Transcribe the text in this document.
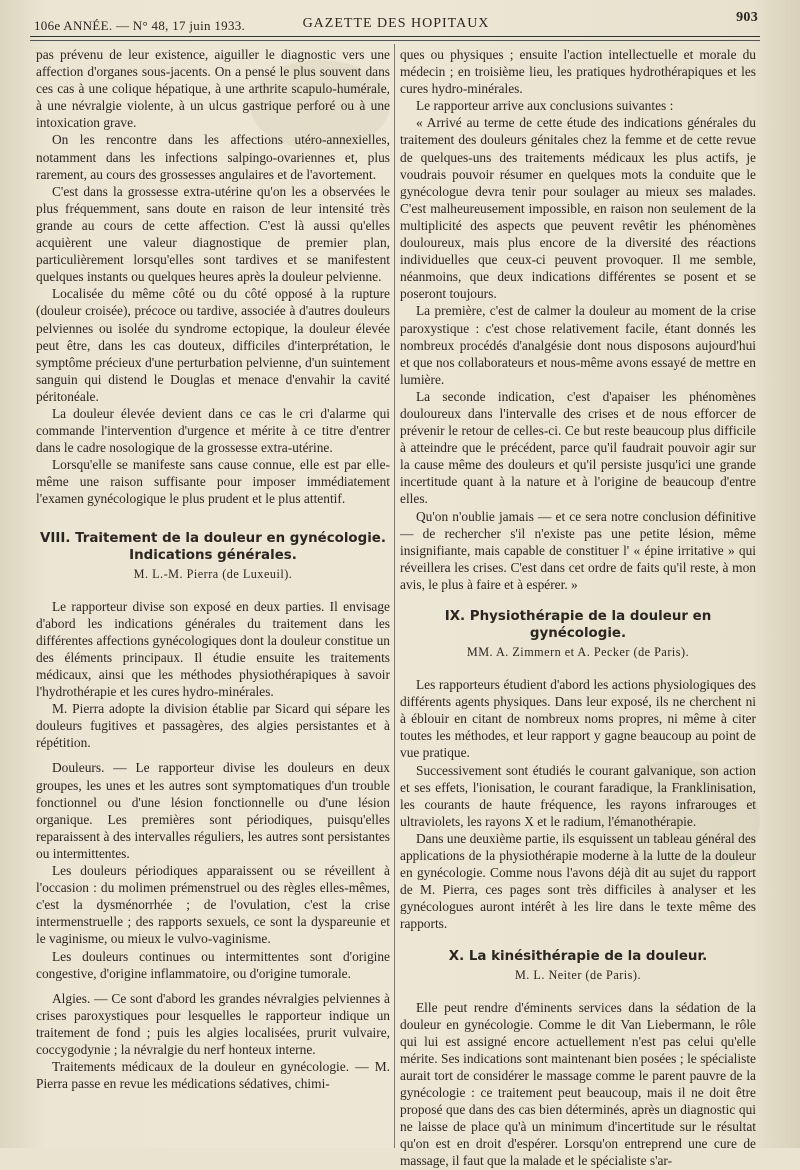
106e ANNÉE. — N° 48, 17 juin 1933.	GAZETTE DES HOPITAUX	903

pas prévenu de leur existence, aiguiller le diagnostic vers une affection d'organes sous-jacents. On a pensé le plus souvent dans ces cas à une colique hépatique, à une arthrite scapulo-humérale, à une névralgie violente, à un ulcus gastrique perforé ou à une intoxication grave.

On les rencontre dans les affections utéro-annexielles, notamment dans les infections salpingo-ovariennes et, plus rarement, au cours des grossesses angulaires et de l'avortement.

C'est dans la grossesse extra-utérine qu'on les a observées le plus fréquemment, sans doute en raison de leur intensité très grande au cours de cette affection. C'est là aussi qu'elles acquièrent une valeur diagnostique de premier plan, particulièrement lorsqu'elles sont tardives et se manifestent quelques instants ou quelques heures après la douleur pelvienne.

Localisée du même côté ou du côté opposé à la rupture (douleur croisée), précoce ou tardive, associée à d'autres douleurs pelviennes ou isolée du syndrome ectopique, la douleur élevée peut être, dans les cas douteux, difficiles d'interprétation, le symptôme précieux d'une perturbation pelvienne, d'un suintement sanguin qui distend le Douglas et menace d'envahir la cavité péritonéale.

La douleur élevée devient dans ce cas le cri d'alarme qui commande l'intervention d'urgence et mérite à ce titre d'entrer dans le cadre nosologique de la grossesse extra-utérine.

Lorsqu'elle se manifeste sans cause connue, elle est par elle-même une raison suffisante pour imposer immédiatement l'examen gynécologique le plus prudent et le plus attentif.

VIII. Traitement de la douleur en gynécologie.
Indications générales.
M. L.-M. Pierra (de Luxeuil).

Le rapporteur divise son exposé en deux parties. Il envisage d'abord les indications générales du traitement dans les différentes affections gynécologiques dont la douleur constitue un des éléments principaux. Il étudie ensuite les traitements médicaux, ainsi que les méthodes physiothérapiques à savoir l'hydrothérapie et les cures hydro-minérales.

M. Pierra adopte la division établie par Sicard qui sépare les douleurs fugitives et passagères, des algies persistantes et à répétition.

Douleurs. — Le rapporteur divise les douleurs en deux groupes, les unes et les autres sont symptomatiques d'un trouble fonctionnel ou d'une lésion fonctionnelle ou d'une lésion organique. Les premières sont périodiques, puisqu'elles reparaissent à des intervalles réguliers, les autres sont persistantes ou intermittentes.

Les douleurs périodiques apparaissent ou se réveillent à l'occasion : du molimen prémenstruel ou des règles elles-mêmes, c'est la dysménorrhée ; de l'ovulation, c'est la crise intermenstruelle ; des rapports sexuels, ce sont la dyspareunie et le vaginisme, ou mieux le vulvo-vaginisme.

Les douleurs continues ou intermittentes sont d'origine congestive, d'origine inflammatoire, ou d'origine tumorale.

Algies. — Ce sont d'abord les grandes névralgies pelviennes à crises paroxystiques pour lesquelles le rapporteur indique un traitement de fond ; puis les algies localisées, prurit vulvaire, coccygodynie ; la névralgie du nerf honteux interne.

Traitements médicaux de la douleur en gynécologie. — M. Pierra passe en revue les médications sédatives, chimi-

ques ou physiques ; ensuite l'action intellectuelle et morale du médecin ; en troisième lieu, les pratiques hydrothérapiques et les cures hydro-minérales.

Le rapporteur arrive aux conclusions suivantes :

« Arrivé au terme de cette étude des indications générales du traitement des douleurs génitales chez la femme et de cette revue de quelques-uns des traitements médicaux les plus actifs, je voudrais pouvoir résumer en quelques mots la conduite que le gynécologue devra tenir pour soulager au mieux ses malades. C'est malheureusement impossible, en raison non seulement de la multiplicité des aspects que peuvent revêtir les phénomènes douloureux, mais plus encore de la diversité des réactions individuelles que ceux-ci peuvent provoquer. Il me semble, néanmoins, que deux indications différentes se posent et se poseront toujours.

La première, c'est de calmer la douleur au moment de la crise paroxystique : c'est chose relativement facile, étant donnés les nombreux procédés d'analgésie dont nous disposons aujourd'hui et que nos collaborateurs et nous-même avons essayé de mettre en lumière.

La seconde indication, c'est d'apaiser les phénomènes douloureux dans l'intervalle des crises et de nous efforcer de prévenir le retour de celles-ci. Ce but reste beaucoup plus difficile à atteindre que le précédent, parce qu'il faudrait pouvoir agir sur la cause même des douleurs et qu'il persiste jusqu'ici une grande incertitude quant à la nature et à l'origine de beaucoup d'entre elles.

Qu'on n'oublie jamais — et ce sera notre conclusion définitive — de rechercher s'il n'existe pas une petite lésion, même insignifiante, mais capable de constituer l' « épine irritative » qui réveillera les crises. C'est dans cet ordre de faits qu'il reste, à mon avis, le plus à faire et à espérer. »

IX. Physiothérapie de la douleur en gynécologie.
MM. A. Zimmern et A. Pecker (de Paris).

Les rapporteurs étudient d'abord les actions physiologiques des différents agents physiques. Dans leur exposé, ils ne cherchent ni à éblouir en citant de nombreux noms propres, ni même à citer toutes les méthodes, et leur rapport y gagne beaucoup au point de vue pratique.

Successivement sont étudiés le courant galvanique, son action et ses effets, l'ionisation, le courant faradique, la Franklinisation, les courants de haute fréquence, les rayons infrarouges et ultraviolets, les rayons X et le radium, l'émanothérapie.

Dans une deuxième partie, ils esquissent un tableau général des applications de la physiothérapie moderne à la lutte de la douleur en gynécologie. Comme nous l'avons déjà dit au sujet du rapport de M. Pierra, ces pages sont très difficiles à analyser et les gynécologues auront intérêt à les lire dans le texte même des rapports.

X. La kinésithérapie de la douleur.
M. L. Neiter (de Paris).

Elle peut rendre d'éminents services dans la sédation de la douleur en gynécologie. Comme le dit Van Liebermann, le rôle qui lui est assigné encore actuellement n'est pas celui qu'elle mérite. Ses indications sont maintenant bien posées ; le spécialiste aurait tort de considérer le massage comme le parent pauvre de la gynécologie : ce traitement peut beaucoup, mais il ne doit être proposé que dans des cas bien déterminés, après un diagnostic qui ne laisse de place qu'à un minimum d'incertitude sur le résultat qu'on est en droit d'espérer. Lorsqu'on entreprend une cure de massage, il faut que la malade et le spécialiste s'ar-
